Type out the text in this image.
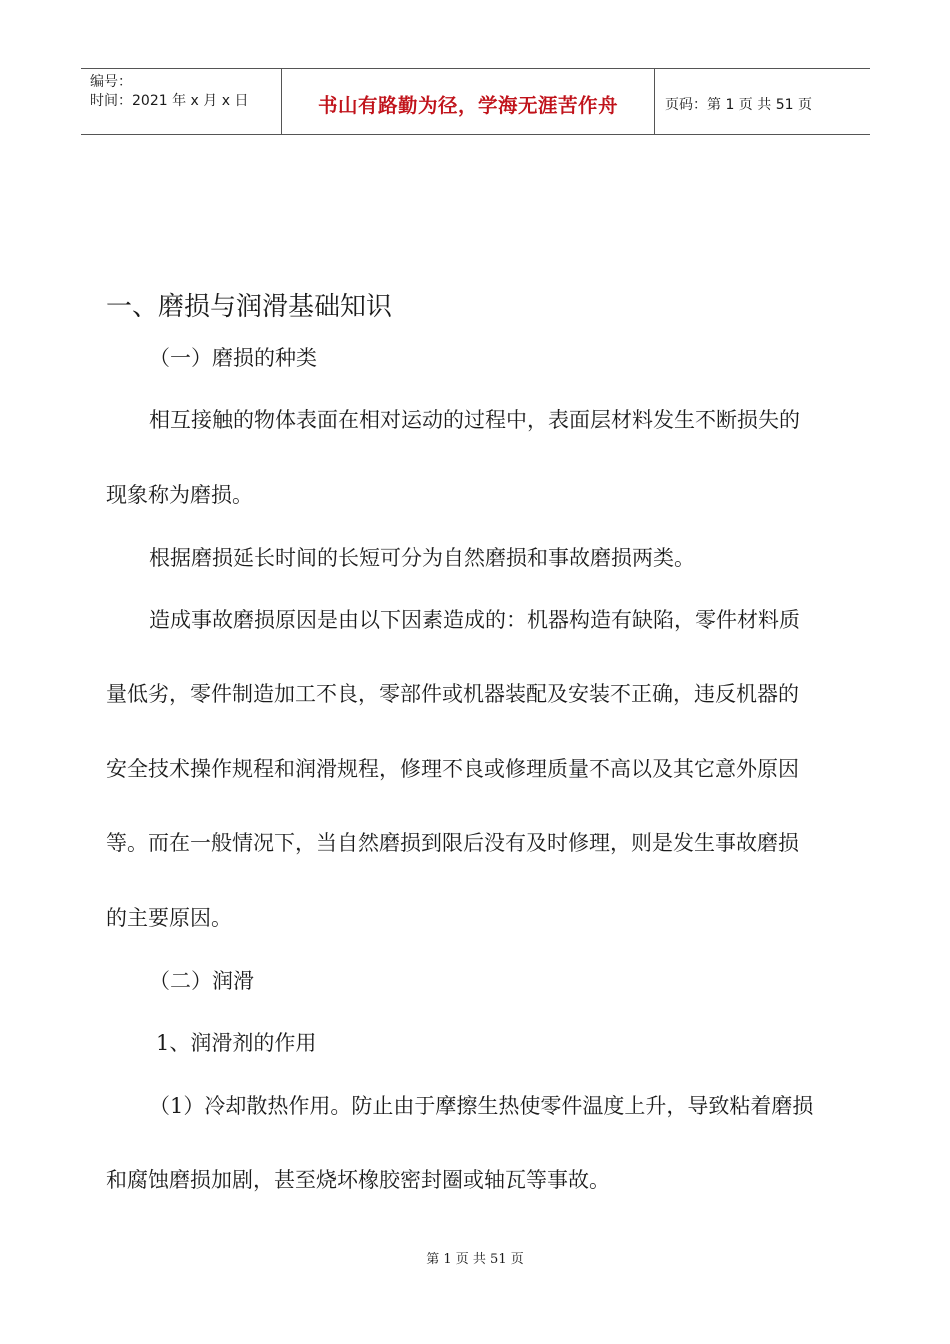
编号：
时间：2021 年 x 月 x 日	书山有路勤为径，学海无涯苦作舟	页码：第 1 页 共 51 页
一、磨损与润滑基础知识
（一）磨损的种类
相互接触的物体表面在相对运动的过程中，表面层材料发生不断损失的
现象称为磨损。
根据磨损延长时间的长短可分为自然磨损和事故磨损两类。
造成事故磨损原因是由以下因素造成的：机器构造有缺陷，零件材料质
量低劣，零件制造加工不良，零部件或机器装配及安装不正确，违反机器的
安全技术操作规程和润滑规程，修理不良或修理质量不高以及其它意外原因
等。而在一般情况下，当自然磨损到限后没有及时修理，则是发生事故磨损
的主要原因。
（二）润滑
1、润滑剂的作用
（1）冷却散热作用。防止由于摩擦生热使零件温度上升，导致粘着磨损
和腐蚀磨损加剧，甚至烧坏橡胶密封圈或轴瓦等事故。
第 1 页 共 51 页
